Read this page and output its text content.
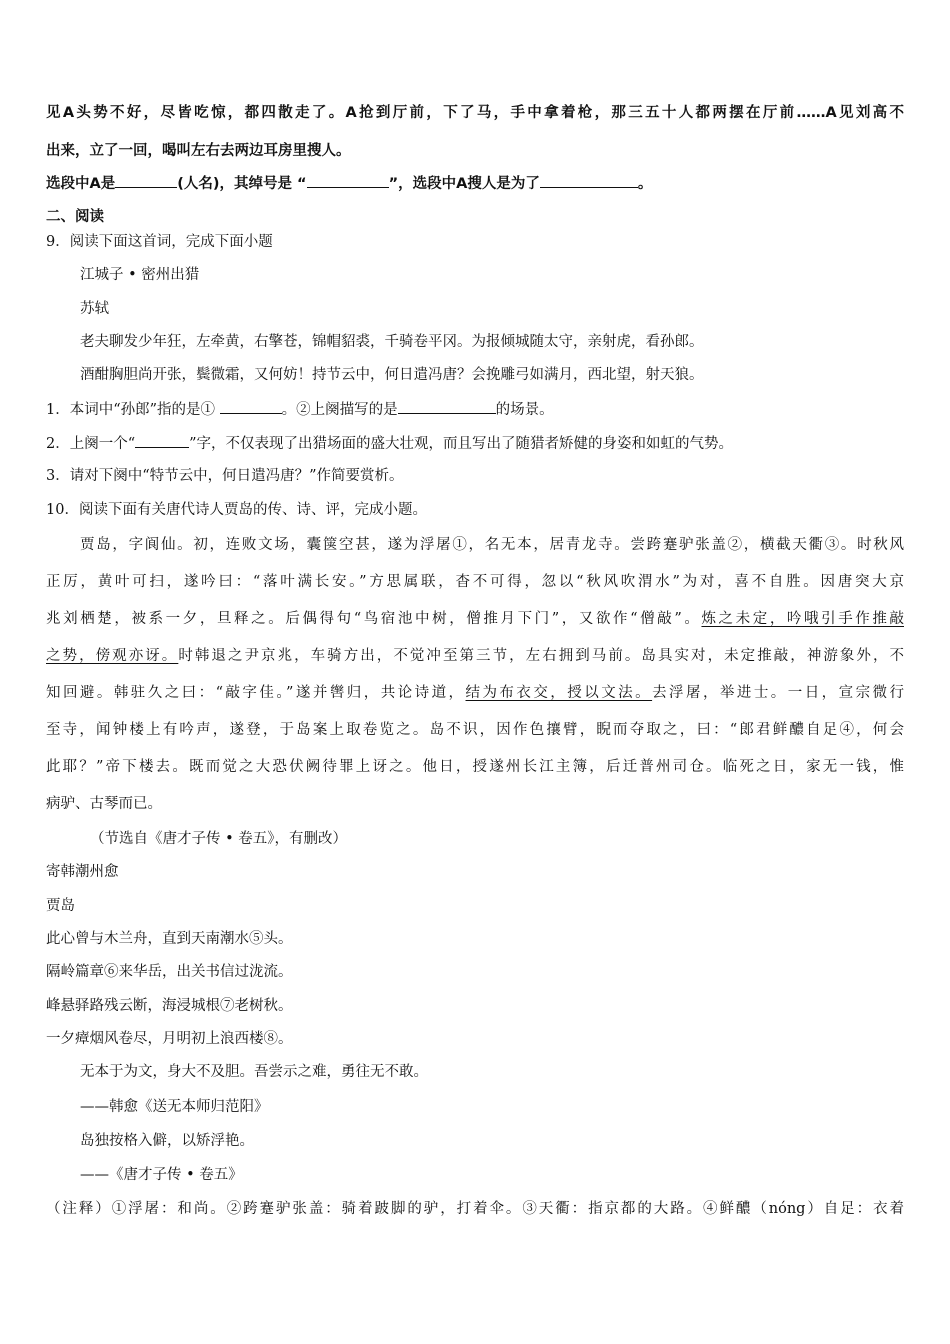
见A头势不好，尽皆吃惊，都四散走了。A抢到厅前，下了马，手中拿着枪，那三五十人都两摆在厅前……A见刘高不
出来，立了一回，喝叫左右去两边耳房里搜人。
选段中A是	(人名)，其绰号是 “	”，选段中A搜人是为了	。
二、阅读
9．阅读下面这首词，完成下面小题
江城子 • 密州出猎
苏轼
老夫聊发少年狂，左牵黄，右擎苍，锦帽貂裘，千骑卷平冈。为报倾城随太守，亲射虎，看孙郎。
酒酣胸胆尚开张，鬓微霜，又何妨！持节云中，何日遣冯唐？会挽雕弓如满月，西北望，射天狼。
1．本词中“孙郎”指的是①	。②上阕描写的是	的场景。
2．上阕一个“	”字，不仅表现了出猎场面的盛大壮观，而且写出了随猎者矫健的身姿和如虹的气势。
3．请对下阕中“特节云中，何日遣冯唐？”作简要赏析。
10．阅读下面有关唐代诗人贾岛的传、诗、评，完成小题。
贾岛，字阆仙。初，连败文场，囊箧空甚，遂为浮屠①，名无本，居青龙寺。尝跨蹇驴张盖②，横截天衢③。时秋风
正厉，黄叶可扫，遂吟曰：“落叶满长安。”方思属联，杳不可得，忽以“秋风吹渭水”为对，喜不自胜。因唐突大京
兆刘栖楚，被系一夕，旦释之。后偶得句“鸟宿池中树，僧推月下门”，又欲作“僧敲”。炼之未定，吟哦引手作推敲
之势，傍观亦讶。时韩退之尹京兆，车骑方出，不觉冲至第三节，左右拥到马前。岛具实对，未定推敲，神游象外，不
知回避。韩驻久之曰：“敲字佳。”遂并辔归，共论诗道，结为布衣交，授以文法。去浮屠，举进士。一日，宣宗微行
至寺，闻钟楼上有吟声，遂登，于岛案上取卷览之。岛不识，因作色攘臂，睨而夺取之，曰：“郎君鲜醲自足④，何会
此耶？”帝下楼去。既而觉之大恐伏阙待罪上讶之。他日，授遂州长江主簿，后迁普州司仓。临死之日，家无一钱，惟
病驴、古琴而已。
（节选自《唐才子传 • 卷五》，有删改）
寄韩潮州愈
贾岛
此心曾与木兰舟，直到天南潮水⑤头。
隔岭篇章⑥来华岳，出关书信过泷流。
峰悬驿路残云断，海浸城根⑦老树秋。
一夕瘴烟风卷尽，月明初上浪西楼⑧。
无本于为文，身大不及胆。吾尝示之难，勇往无不敢。
——韩愈《送无本师归范阳》
岛独按格入僻，以矫浮艳。
——《唐才子传 • 卷五》
（注释）①浮屠：和尚。②跨蹇驴张盖：骑着跛脚的驴，打着伞。③天衢：指京都的大路。④鲜醲（nóng）自足：衣着
